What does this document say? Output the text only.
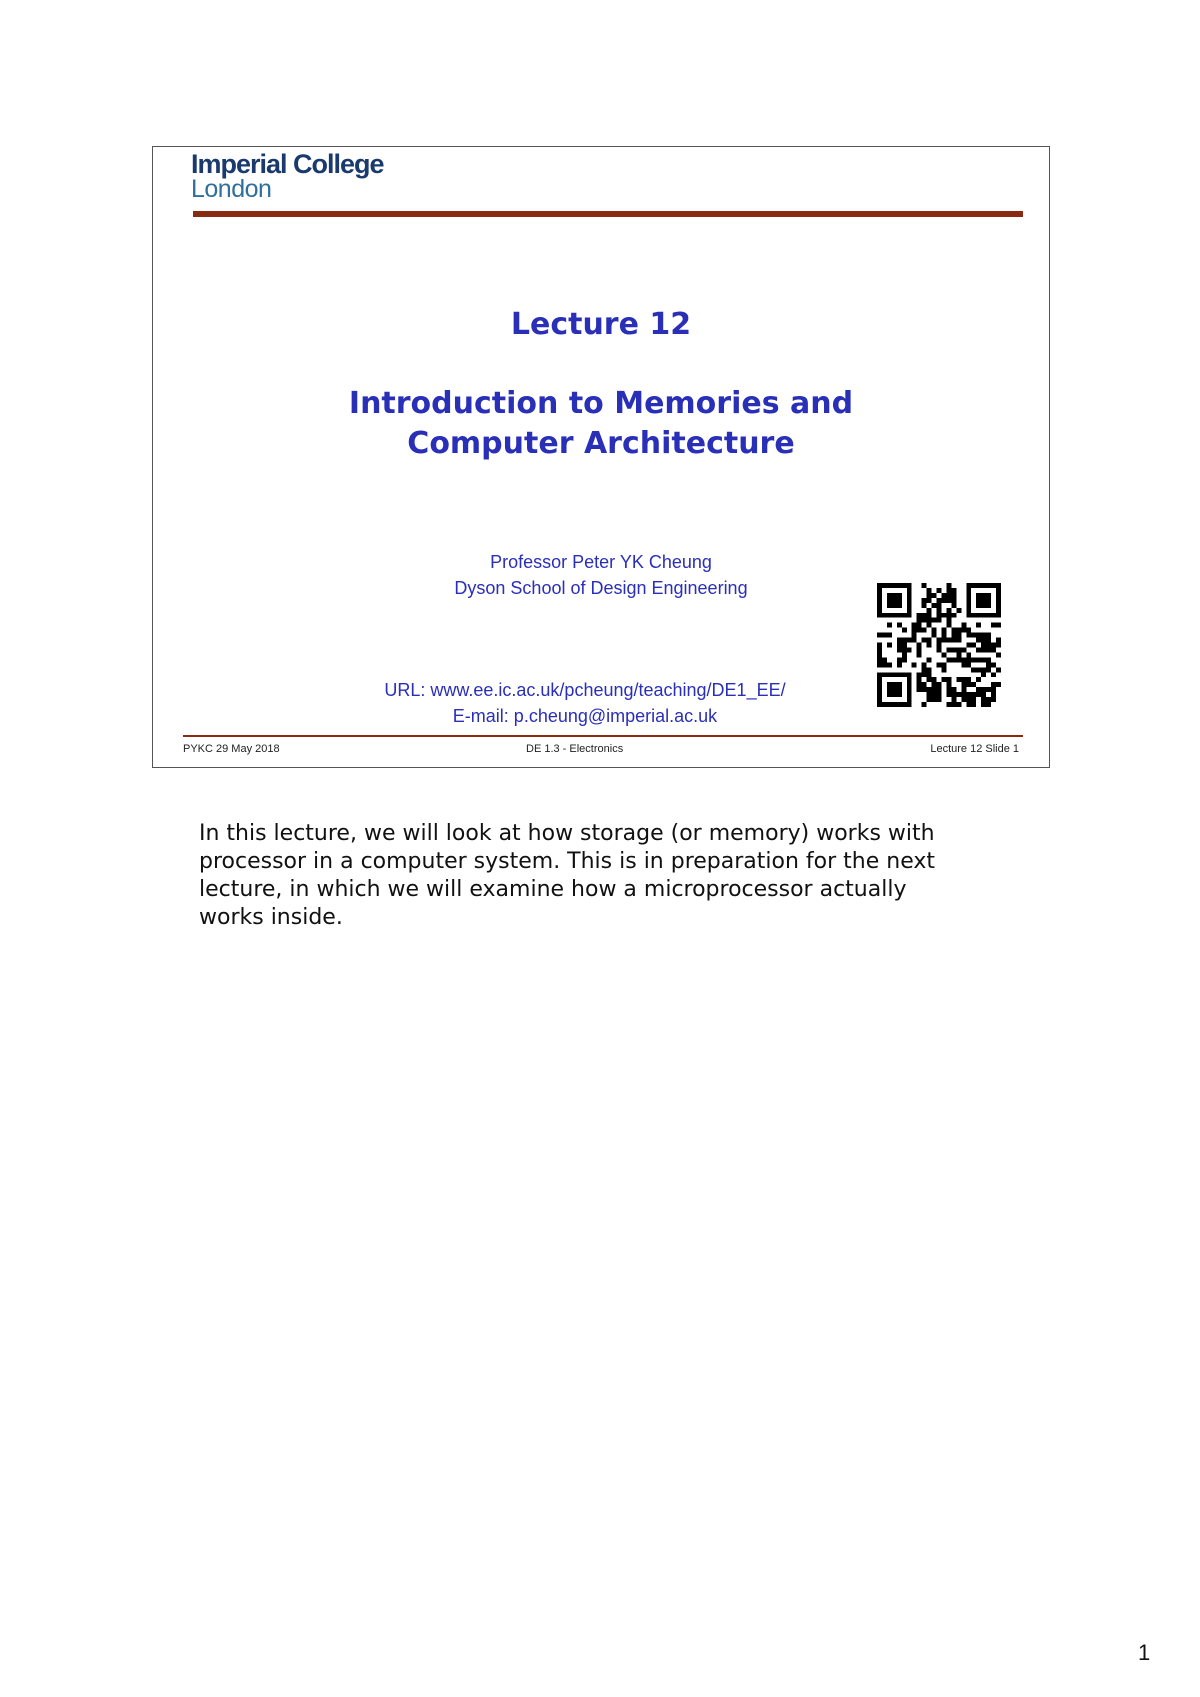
Imperial College
London
Lecture 12
Introduction to Memories and
Computer Architecture
Professor Peter YK Cheung
Dyson School of Design Engineering
URL: www.ee.ic.ac.uk/pcheung/teaching/DE1_EE/
E-mail: p.cheung@imperial.ac.uk
PYKC 29 May 2018	DE 1.3 - Electronics	Lecture 12 Slide 1
In this lecture, we will look at how storage (or memory) works with
processor in a computer system. This is in preparation for the next
lecture, in which we will examine how a microprocessor actually
works inside.
1
